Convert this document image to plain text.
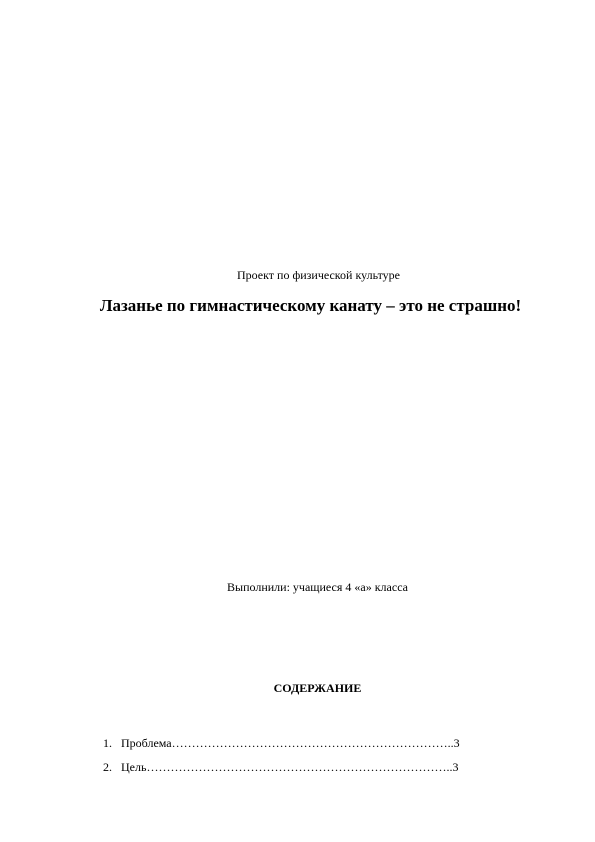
Проект по физической культуре
Лазанье по гимнастическому канату – это не страшно!
Выполнили: учащиеся 4 «а» класса
СОДЕРЖАНИЕ
1. Проблема……………………………………………………………..3
2. Цель…………………………………………………………………..3
